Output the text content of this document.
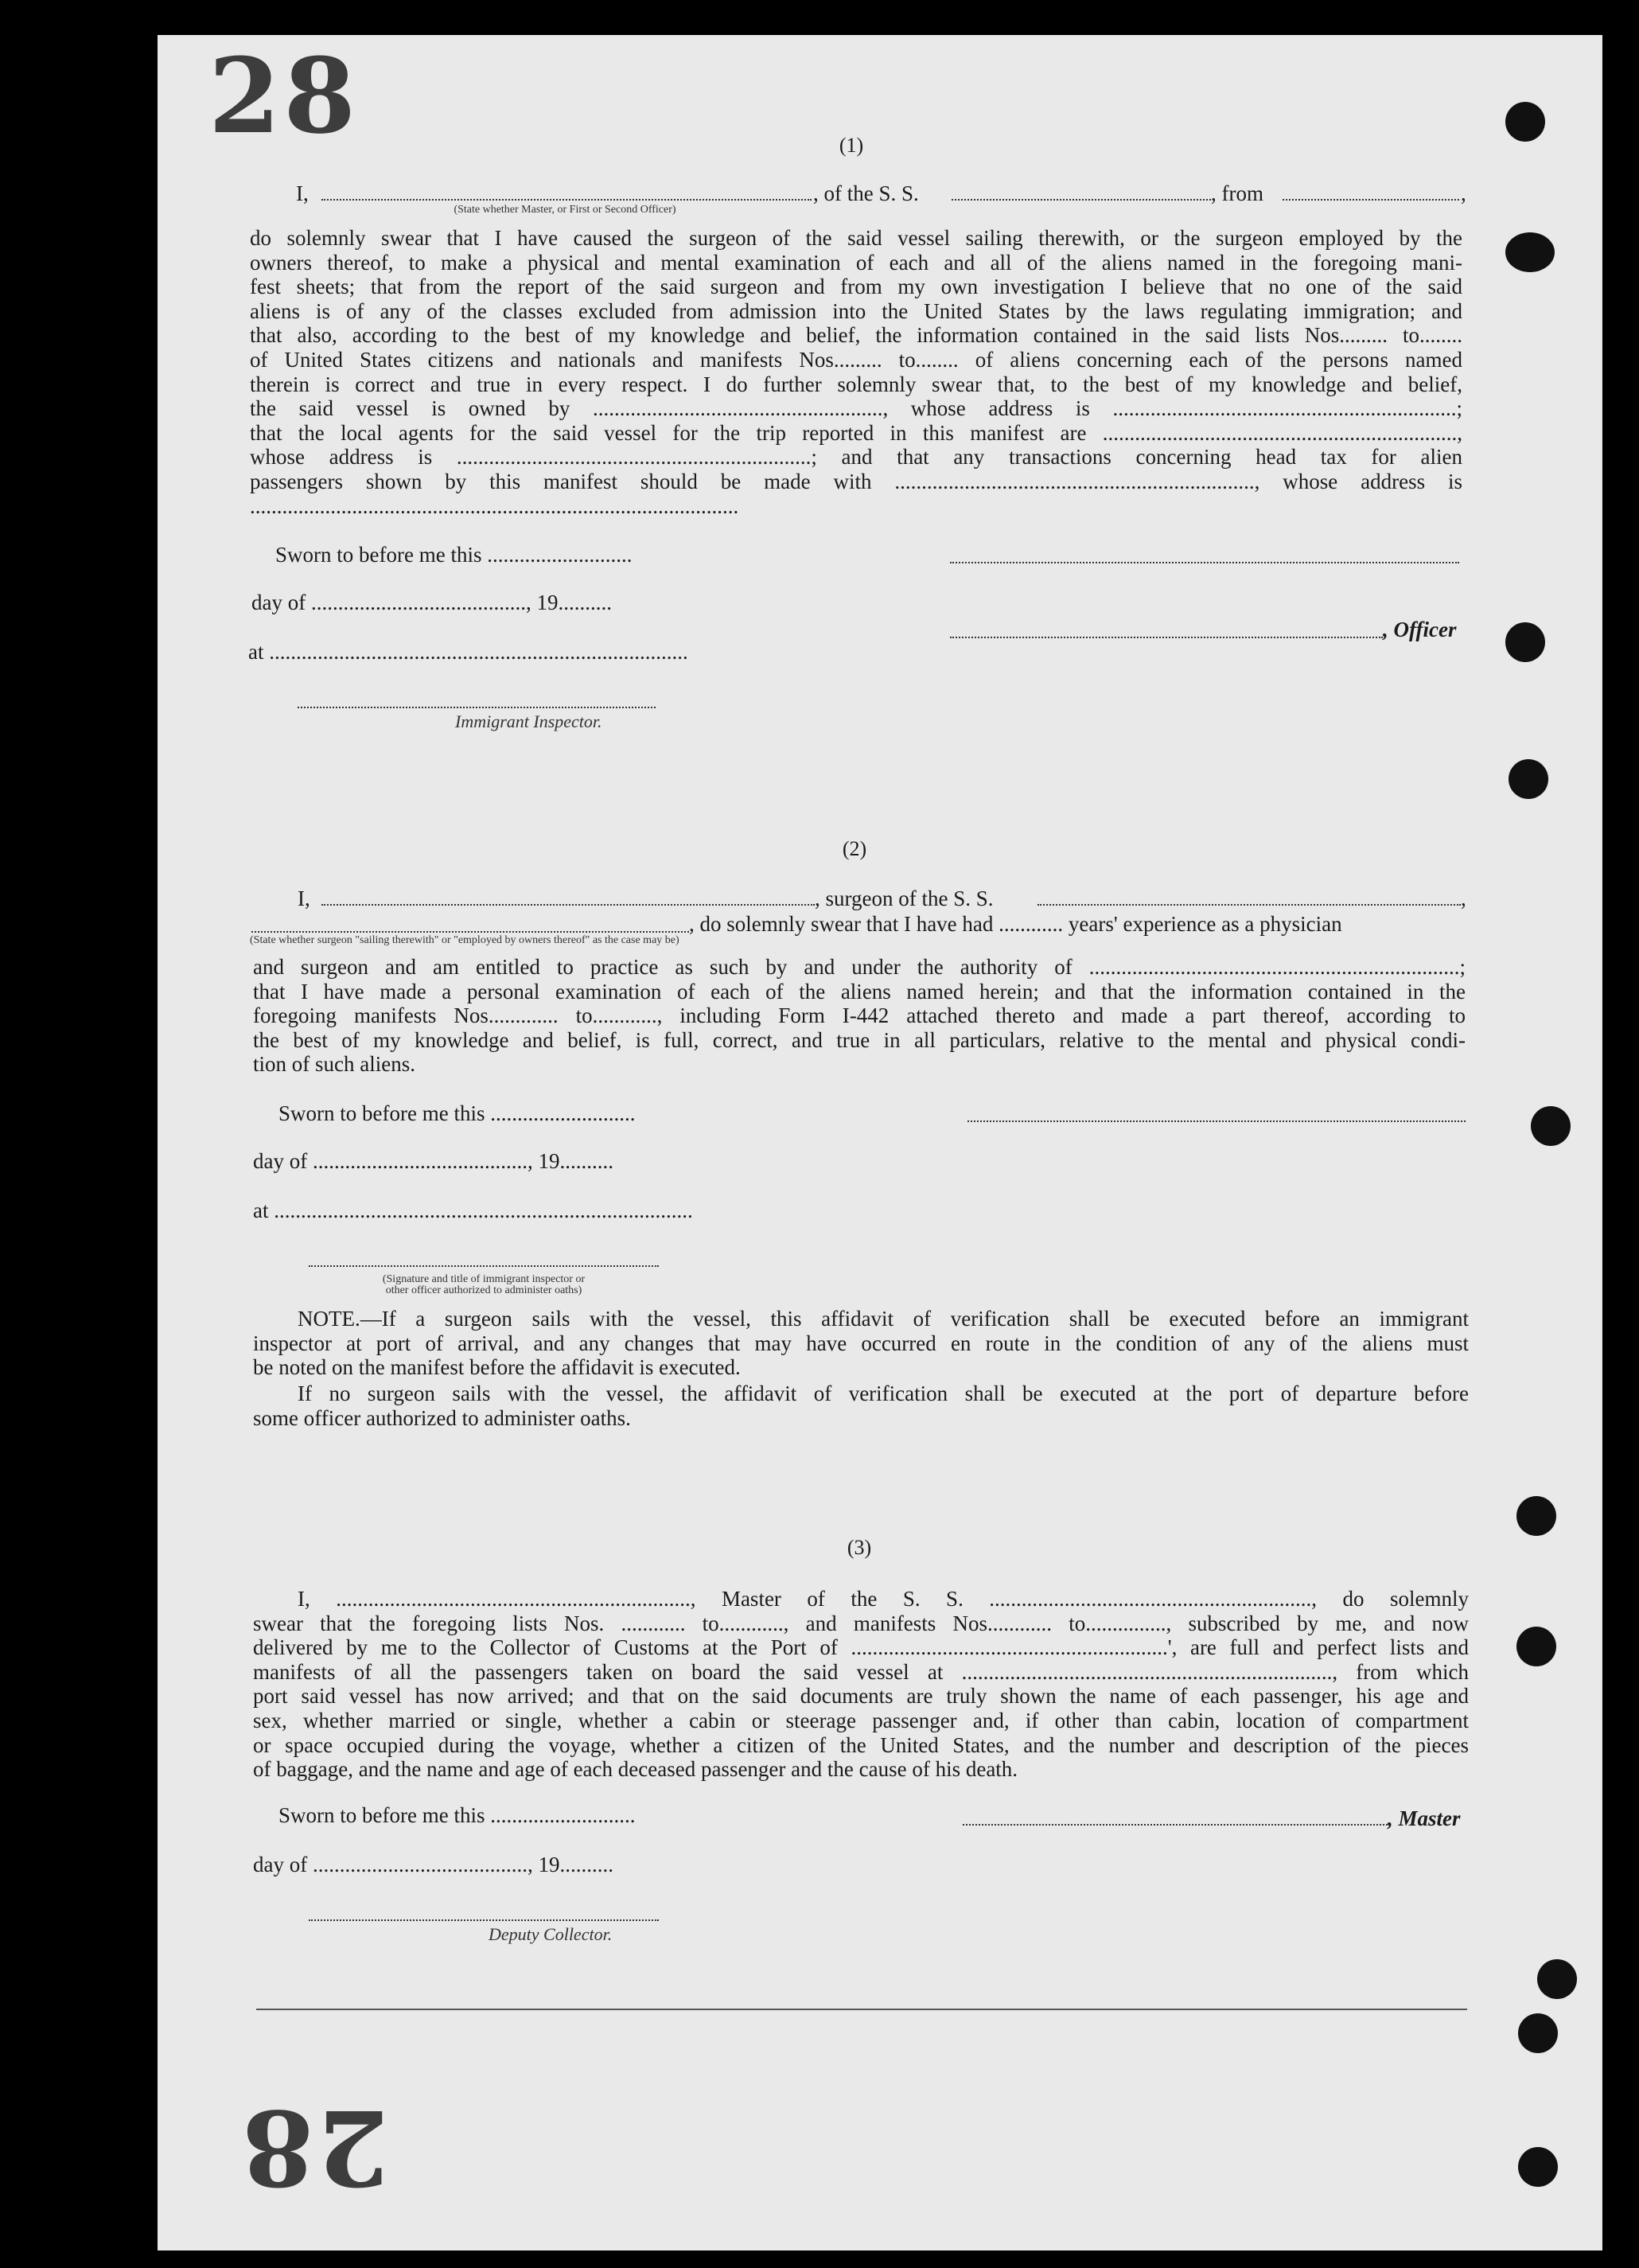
28
28
(1)
I,	, of the S. S.	, from	,
(State whether Master, or First or Second Officer)
do solemnly swear that I have caused the surgeon of the said vessel sailing therewith, or the surgeon employed by the
owners thereof, to make a physical and mental examination of each and all of the aliens named in the foregoing mani-
fest sheets; that from the report of the said surgeon and from my own investigation I believe that no one of the said
aliens is of any of the classes excluded from admission into the United States by the laws regulating immigration; and
that also, according to the best of my knowledge and belief, the information contained in the said lists Nos......... to........
of United States citizens and nationals and manifests Nos......... to........ of aliens concerning each of the persons named
therein is correct and true in every respect. I do further solemnly swear that, to the best of my knowledge and belief,
the said vessel is owned by ......................................................, whose address is ................................................................;
that the local agents for the said vessel for the trip reported in this manifest are ..................................................................,
whose address is ..................................................................; and that any transactions concerning head tax for alien
passengers shown by this manifest should be made with ..................................................................., whose address is
...........................................................................................
Sworn to before me this ...........................
day of ........................................, 19..........
, Officer
at ..............................................................................
Immigrant Inspector.
(2)
I,	, surgeon of the S. S.	,
, do solemnly swear that I have had ............ years' experience as a physician
(State whether surgeon "sailing therewith" or "employed by owners thereof" as the case may be)
and surgeon and am entitled to practice as such by and under the authority of .....................................................................;
that I have made a personal examination of each of the aliens named herein; and that the information contained in the
foregoing manifests Nos............. to............, including Form I-442 attached thereto and made a part thereof, according to
the best of my knowledge and belief, is full, correct, and true in all particulars, relative to the mental and physical condi-
tion of such aliens.
Sworn to before me this ...........................
day of ........................................, 19..........
at ..............................................................................
(Signature and title of immigrant inspector or
other officer authorized to administer oaths)
NOTE.—If a surgeon sails with the vessel, this affidavit of verification shall be executed before an immigrant
inspector at port of arrival, and any changes that may have occurred en route in the condition of any of the aliens must
be noted on the manifest before the affidavit is executed.
If no surgeon sails with the vessel, the affidavit of verification shall be executed at the port of departure before
some officer authorized to administer oaths.
(3)
I, .................................................................., Master of the S. S. ............................................................, do solemnly
swear that the foregoing lists Nos. ............ to............, and manifests Nos............ to..............., subscribed by me, and now
delivered by me to the Collector of Customs at the Port of ...........................................................', are full and perfect lists and
manifests of all the passengers taken on board the said vessel at ....................................................................., from which
port said vessel has now arrived; and that on the said documents are truly shown the name of each passenger, his age and
sex, whether married or single, whether a cabin or steerage passenger and, if other than cabin, location of compartment
or space occupied during the voyage, whether a citizen of the United States, and the number and description of the pieces
of baggage, and the name and age of each deceased passenger and the cause of his death.
Sworn to before me this ...........................	, Master
day of ........................................, 19..........
Deputy Collector.
